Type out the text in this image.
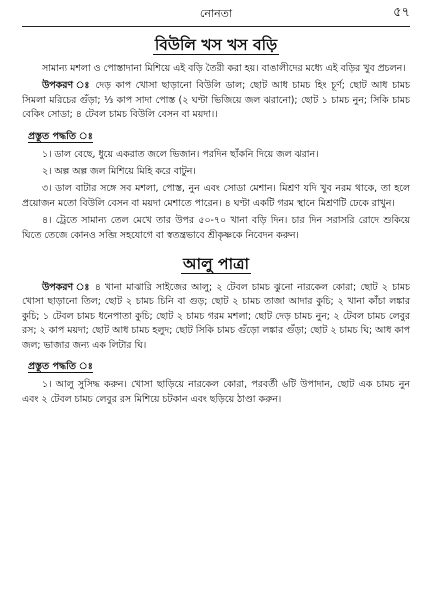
নোনতা	৫৭
বিউলি খস খস বড়ি

সামান্য মশলা ও পোস্তাদানা মিশিয়ে এই বড়ি তৈরী করা হয়। বাঙালীদের মধ্যে এই বড়ির খুব প্রচলন।

উপকরণ ঃ দেড় কাপ খোসা ছাড়ানো বিউলি ডাল; ছোট আধ চামচ হিং চূর্ণ; ছোট আধ চামচ সিমলা মরিচের গুঁড়া; ⅓ কাপ সাদা পোস্ত (২ ঘণ্টা ভিজিয়ে জল ঝরানো); ছোট ১ চামচ নুন; সিকি চামচ বেকিং সোডা; ৪ টেবল চামচ বিউলি বেসন বা ময়দা।।

প্রস্তুত পদ্ধতি ঃ

১। ডাল বেছে, ধুয়ে একরাত জলে ভিজান। পরদিন ছাঁকনি দিয়ে জল ঝরান।

২। অল্প অল্প জল মিশিয়ে মিহি করে বাটুন।

৩। ডাল বাটার সঙ্গে সব মশলা, পোস্ত, নুন এবং সোডা মেশান। মিশ্রণ যদি খুব নরম থাকে, তা হলে প্রয়োজন মতো বিউলি বেসন বা ময়দা মেশাতে পারেন। ৪ ঘণ্টা একটি গরম স্থানে মিশ্রণটি ঢেকে রাখুন।

৪। ট্রেতে সামান্য তেল মেখে তার উপর ৫০-৭০ খানা বড়ি দিন। চার দিন সরাসরি রোদে শুকিয়ে ঘিতে তেজে কোনও সব্জি সহযোগে বা স্বতন্ত্রভাবে শ্রীকৃষ্ণকে নিবেদন করুন।

আলু পাত্রা

উপকরণ ঃ ৪ খানা মাঝারি সাইজের আলু; ২ টেবল চামচ ঝুনো নারকেল কোরা; ছোট ২ চামচ খোসা ছাড়ানো তিল; ছোট ২ চামচ চিনি বা গুড়; ছোট ২ চামচ তাজা আদার কুচি; ২ খানা কাঁচা লঙ্কার কুচি; ১ টেবল চামচ ধনেপাতা কুচি; ছোট ২ চামচ গরম মশলা; ছোট দেড় চামচ নুন; ২ টেবল চামচ লেবুর রস; ২ কাপ ময়দা; ছোট আধ চামচ হলুদ; ছোট সিকি চামচ গুঁড়ো লঙ্কার গুঁড়া; ছোট ২ চামচ ঘি; আধ কাপ জল; ভাজার জন্য এক লিটার ঘি।

প্রস্তুত পদ্ধতি ঃ

১। আলু সুসিদ্ধ করুন। খোসা ছাড়িয়ে নারকেল কোরা, পরবর্তী ৬টি উপাদান, ছোট এক চামচ নুন এবং ২ টেবল চামচ লেবুর রস মিশিয়ে চটকান এবং ছড়িয়ে ঠাণ্ডা করুন।
